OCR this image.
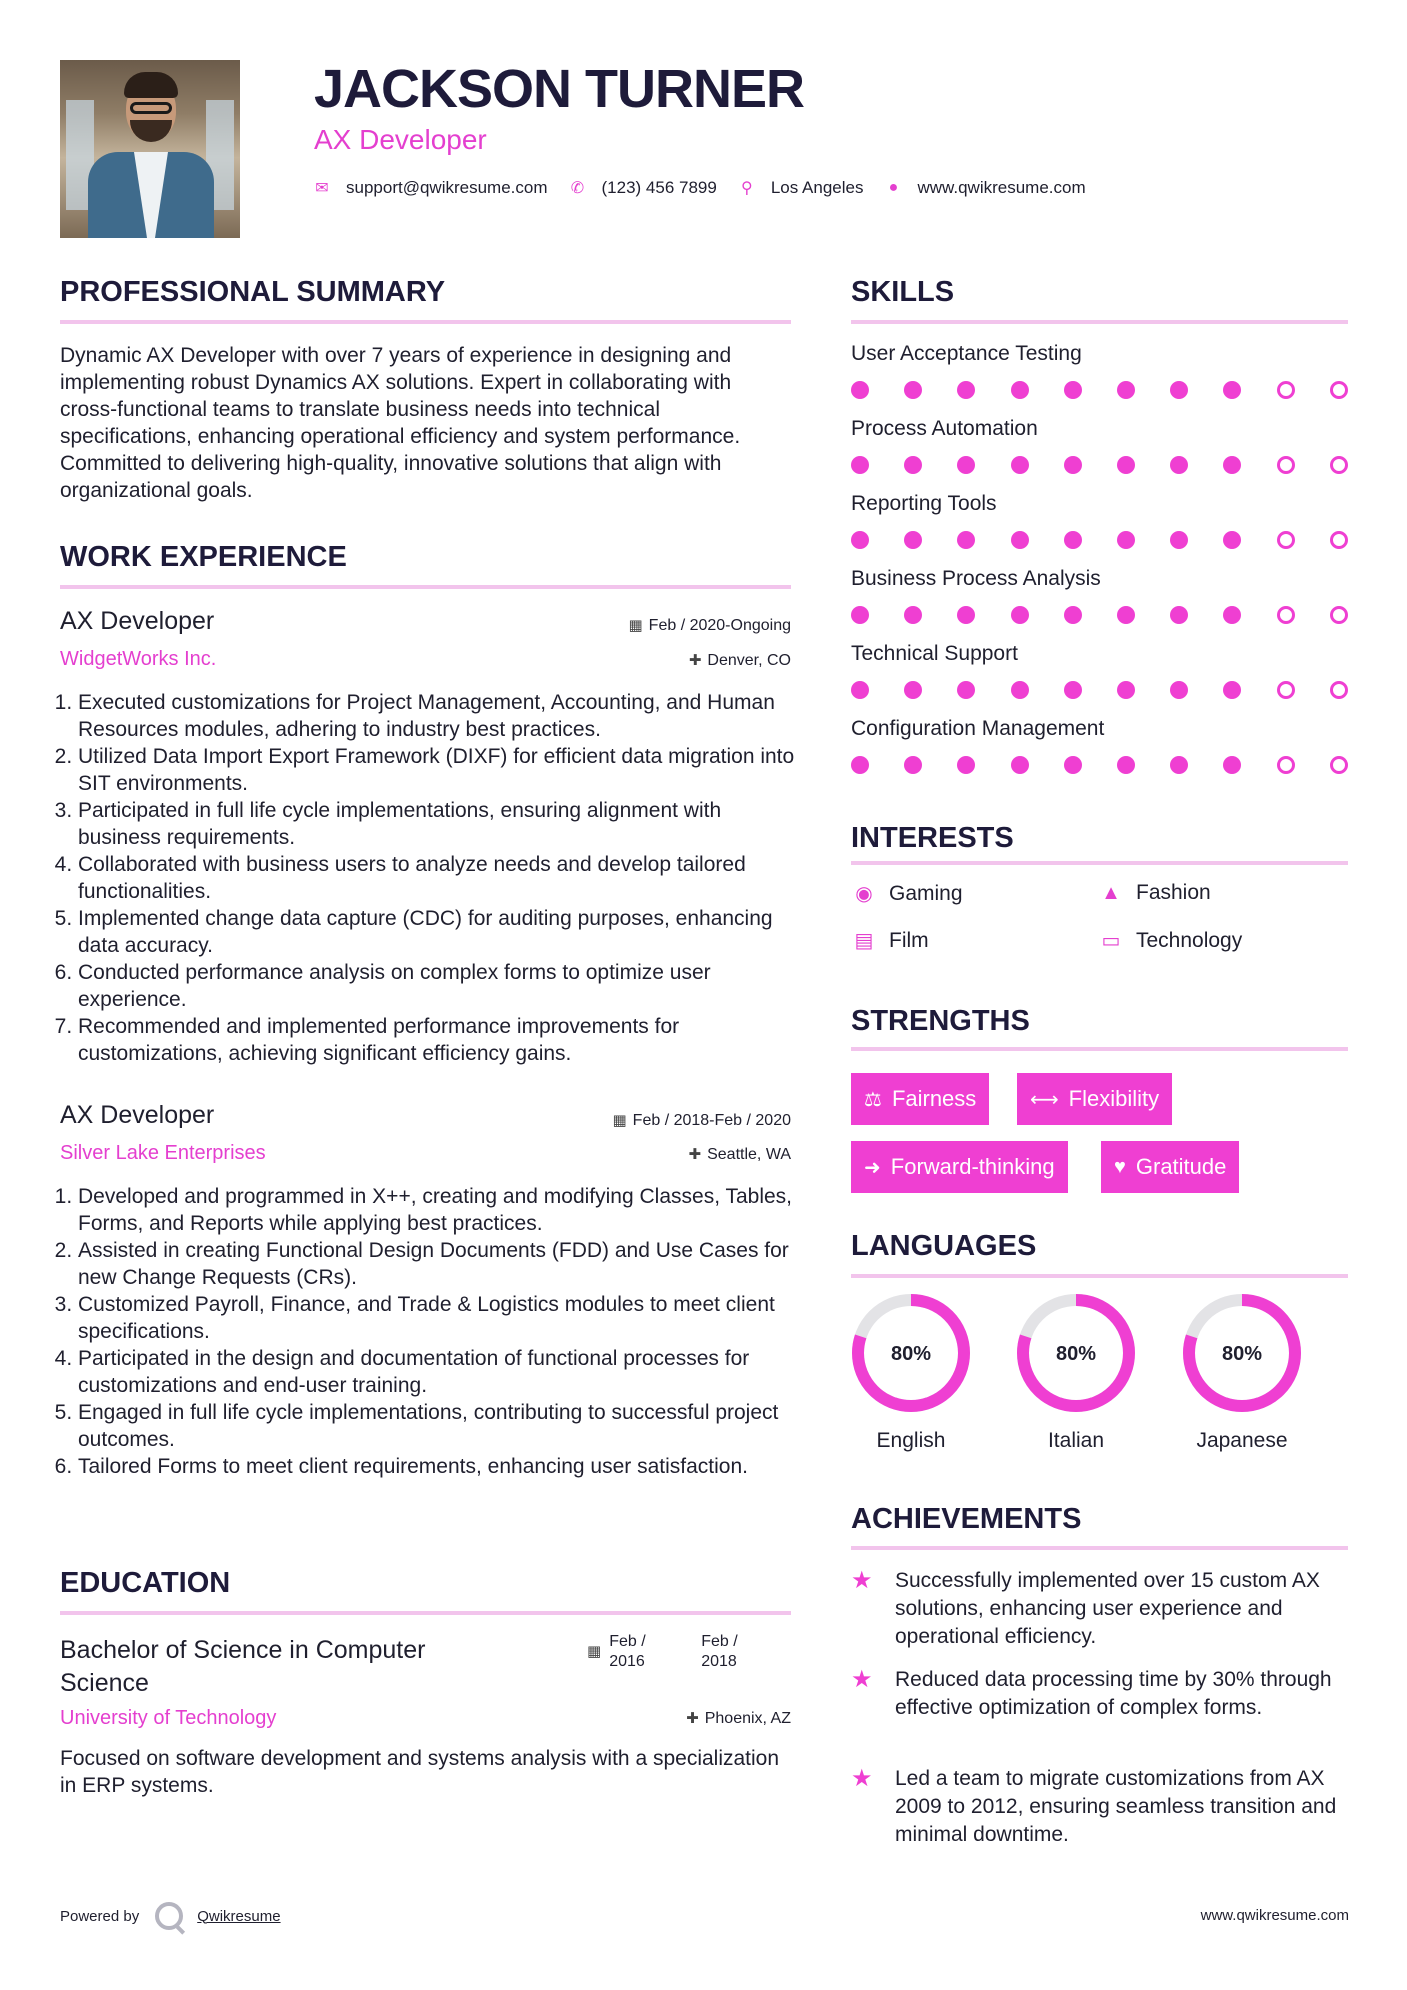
JACKSON TURNER
AX Developer
✉ support@qwikresume.com ✆ (123) 456 7899 ⚲ Los Angeles ● www.qwikresume.com
PROFESSIONAL SUMMARY
Dynamic AX Developer with over 7 years of experience in designing and implementing robust Dynamics AX solutions. Expert in collaborating with cross-functional teams to translate business needs into technical specifications, enhancing operational efficiency and system performance. Committed to delivering high-quality, innovative solutions that align with organizational goals.
WORK EXPERIENCE
AX Developer	▦ Feb / 2020-Ongoing
WidgetWorks Inc.	✚ Denver, CO
1. Executed customizations for Project Management, Accounting, and Human Resources modules, adhering to industry best practices.
2. Utilized Data Import Export Framework (DIXF) for efficient data migration into SIT environments.
3. Participated in full life cycle implementations, ensuring alignment with business requirements.
4. Collaborated with business users to analyze needs and develop tailored functionalities.
5. Implemented change data capture (CDC) for auditing purposes, enhancing data accuracy.
6. Conducted performance analysis on complex forms to optimize user experience.
7. Recommended and implemented performance improvements for customizations, achieving significant efficiency gains.
AX Developer	▦ Feb / 2018-Feb / 2020
Silver Lake Enterprises	✚ Seattle, WA
1. Developed and programmed in X++, creating and modifying Classes, Tables, Forms, and Reports while applying best practices.
2. Assisted in creating Functional Design Documents (FDD) and Use Cases for new Change Requests (CRs).
3. Customized Payroll, Finance, and Trade & Logistics modules to meet client specifications.
4. Participated in the design and documentation of functional processes for customizations and end-user training.
5. Engaged in full life cycle implementations, contributing to successful project outcomes.
6. Tailored Forms to meet client requirements, enhancing user satisfaction.
EDUCATION
Bachelor of Science in Computer Science
▦
Feb / 2016
Feb / 2018
University of Technology	✚ Phoenix, AZ
Focused on software development and systems analysis with a specialization in ERP systems.
SKILLS
User Acceptance Testing
Process Automation
Reporting Tools
Business Process Analysis
Technical Support
Configuration Management
INTERESTS
◉ Gaming	▲ Fashion
▤ Film	▭ Technology
STRENGTHS
⚖ Fairness	⟷ Flexibility
➜ Forward-thinking	♥ Gratitude
LANGUAGES
80%
English
80%
Italian
80%
Japanese
ACHIEVEMENTS
★	Successfully implemented over 15 custom AX solutions, enhancing user experience and operational efficiency.
★	Reduced data processing time by 30% through effective optimization of complex forms.
★	Led a team to migrate customizations from AX 2009 to 2012, ensuring seamless transition and minimal downtime.
Powered by	Qwikresume	www.qwikresume.com
